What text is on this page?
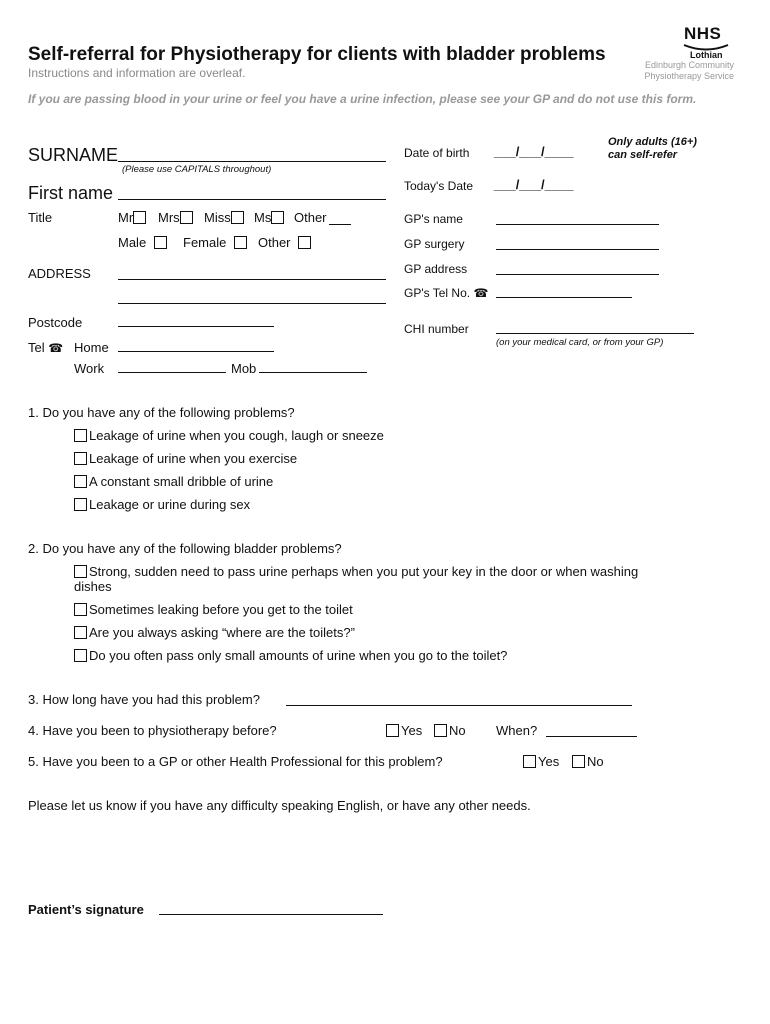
Self-referral for Physiotherapy for clients with bladder problems
Instructions and information are overleaf.
If you are passing blood in your urine or feel you have a urine infection, please see your GP and do not use this form.
NHS
Lothian
Edinburgh Community
Physiotherapy Service
SURNAME
(Please use CAPITALS throughout)
First name
Title	Mr	Mrs	Miss	Ms	Other
Male	Female	Other
ADDRESS
Postcode
Tel ☎ Home
Work	Mob
Date of birth ___/___/____
Only adults (16+)
can self-refer
Today's Date ___/___/____
GP's name
GP surgery
GP address
GP's Tel No. ☎
CHI number
(on your medical card, or from your GP)
1. Do you have any of the following problems?
Leakage of urine when you cough, laugh or sneeze
Leakage of urine when you exercise
A constant small dribble of urine
Leakage or urine during sex
2. Do you have any of the following bladder problems?
Strong, sudden need to pass urine perhaps when you put your key in the door or when washing
dishes
Sometimes leaking before you get to the toilet
Are you always asking “where are the toilets?”
Do you often pass only small amounts of urine when you go to the toilet?
3. How long have you had this problem?
4. Have you been to physiotherapy before?	Yes	No When?
5. Have you been to a GP or other Health Professional for this problem?	Yes	No
Please let us know if you have any difficulty speaking English, or have any other needs.
Patient’s signature
